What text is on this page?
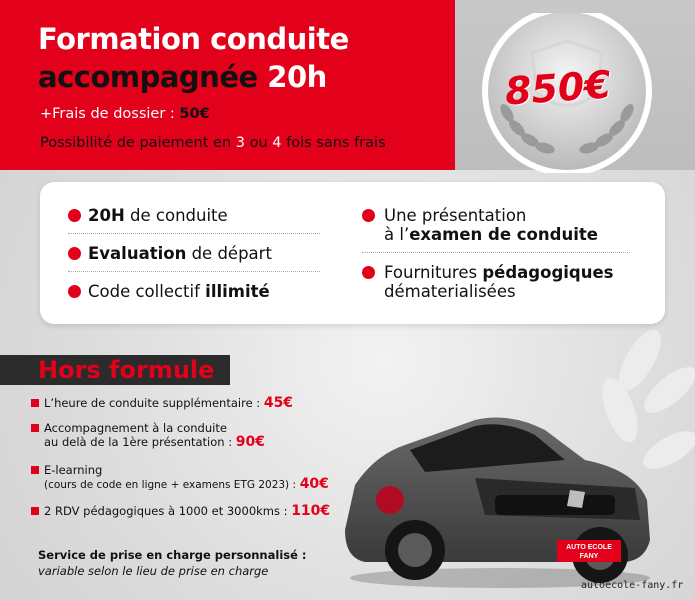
Formation conduite
accompagnée 20h
+Frais de dossier : 50€
Possibilité de paiement en 3 ou 4 fois sans frais
850€
20H de conduite
Evaluation de départ
Code collectif illimité
Une présentation
à l’examen de conduite
Fournitures pédagogiques
dématerialisées
Hors formule
L’heure de conduite supplémentaire : 45€
Accompagnement à la conduite
au delà de la 1ère présentation : 90€
E-learning
(cours de code en ligne + examens ETG 2023) : 40€
2 RDV pédagogiques à 1000 et 3000kms : 110€
Service de prise en charge personnalisé :
variable selon le lieu de prise en charge
AUTO ECOLE
FANY
autoecole-fany.fr
